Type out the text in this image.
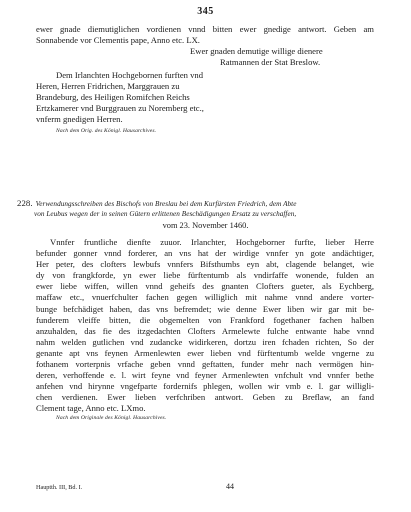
345
ewer gnade diemutiglichen vordienen vnnd bitten ewer gnedige antwort. Geben am
Sonnabende vor Clementis pape, Anno etc. LX.
Ewer gnaden demutige willige dienere
Ratmannen der Stat Breslow.
Dem Irlanchten Hochgebornen furften vnd
Heren, Herren Fridrichen, Marggrauen zu
Brandeburg, des Heiligen Romifchen Reichs
Ertzkamerer vnd Burggrauen zu Noremberg etc.,
vnferm gnedigen Herren.
Nach dem Orig. des Königl. Hausarchives.
228. Verwendungsschreiben des Bischofs von Breslau bei dem Kurfürsten Friedrich, dem Abte
von Leubus wegen der in seinen Gütern erlittenen Beschädigungen Ersatz zu verschaffen,
vom 23. November 1460.
Vnnfer fruntliche dienfte zuuor. Irlanchter, Hochgeborner furfte, lieber Herre
befunder gonner vnnd forderer, an vns hat der wirdige vnnfer yn gote andächtiger,
Her peter, des clofters lewbufs vnnfers Bifsthumbs eyn abt, clagende belanget, wie
dy von frangkforde, yn ewer liebe fürftentumb als vndirfaffe wonende, fulden an
ewer liebe wiffen, willen vnnd geheifs des gnanten Clofters gueter, als Eychberg,
maffaw etc., vnuerfchulter fachen gegen williglich mit nahme vnnd andere vorter-
bunge befchädiget haben, das vns befremdet; wie denne Ewer liben wir gar mit be-
funderem vleiffe bitten, die obgemelten von Frankford fogethaner fachen halben
anzuhalden, das fie des itzgedachten Clofters Armelewte fulche entwante habe vnnd
nahm welden gutlichen vnd zudancke widirkeren, dortzu iren fchaden richten, So der
genante apt vns feynen Armenlewten ewer lieben vnd fürftentumb welde vngerne zu
fothanem vorterpnis vrfache geben vnnd geftatten, funder mehr nach vermögen hin-
deren, verhoffende e. l. wirt feyne vnd feyner Armenlewten vnfchult vnd vnnfer bethe
anfehen vnd hirynne vngefparte fordernifs phlegen, wollen wir vmb e. l. gar willigli-
chen verdienen. Ewer lieben verfchriben antwort. Geben zu Breflaw, an fand
Clement tage, Anno etc. LXmo.
Nach dem Originale des Königl. Hausarchives.
Hauptth. III, Bd. I.	44
